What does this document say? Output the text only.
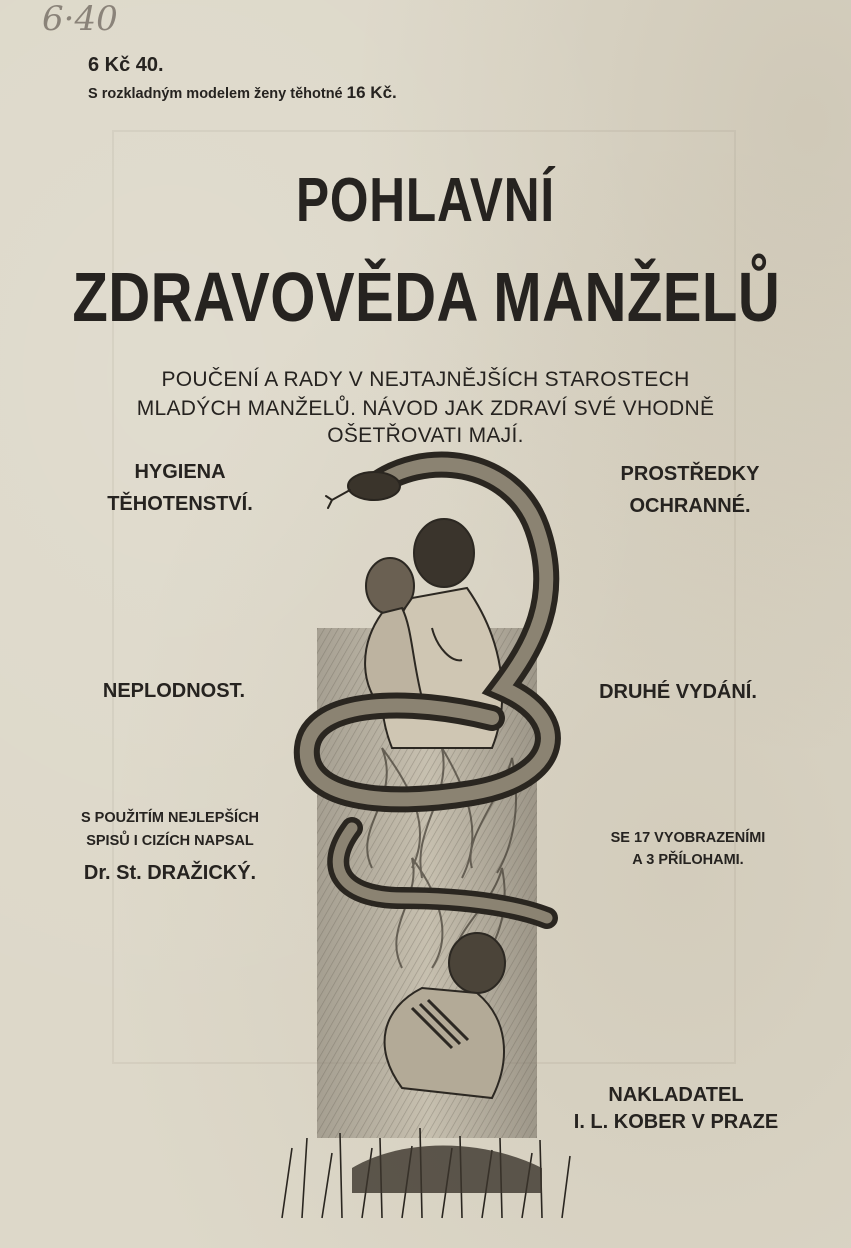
6·40
6 Kč 40.
S rozkladným modelem ženy těhotné 16 Kč.
POHLAVNÍ
ZDRAVOVĚDA MANŽELŮ
POUČENÍ A RADY V NEJTAJNĚJŠÍCH STAROSTECH
MLADÝCH MANŽELŮ. NÁVOD JAK ZDRAVÍ SVÉ VHODNĚ
OŠETŘOVATI MAJÍ.
HYGIENA
TĚHOTENSTVÍ.
PROSTŘEDKY
OCHRANNÉ.
NEPLODNOST.	DRUHÉ VYDÁNÍ.
S POUŽITÍM NEJLEPŠÍCH
SPISŮ I CIZÍCH NAPSAL
Dr. St. DRAŽICKÝ.
SE 17 VYOBRAZENÍMI
A 3 PŘÍLOHAMI.
NAKLADATEL
I. L. KOBER V PRAZE
